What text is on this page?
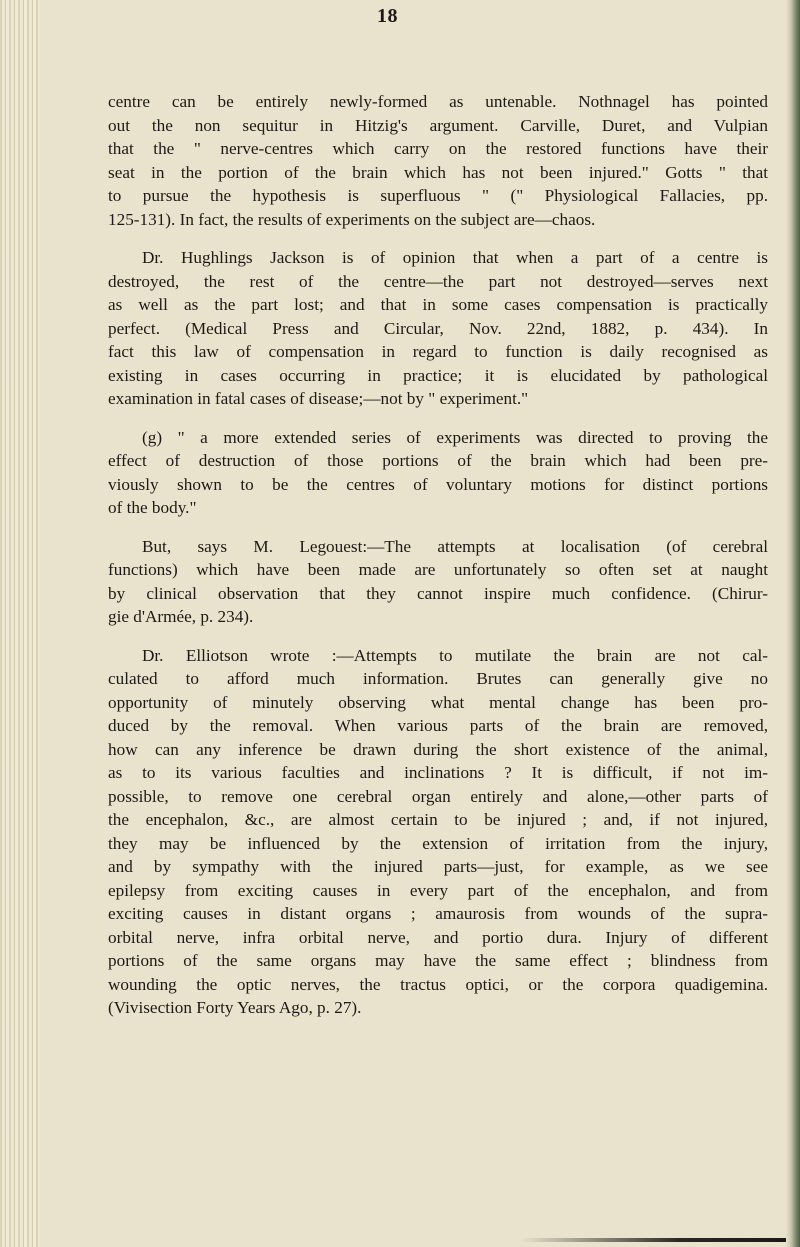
18
centre can be entirely newly-formed as untenable. Nothnagel has pointed
out the non sequitur in Hitzig's argument. Carville, Duret, and Vulpian
that the " nerve-centres which carry on the restored functions have their
seat in the portion of the brain which has not been injured." Gotts " that
to pursue the hypothesis is superfluous " (" Physiological Fallacies, pp.
125-131). In fact, the results of experiments on the subject are—chaos.
Dr. Hughlings Jackson is of opinion that when a part of a centre is
destroyed, the rest of the centre—the part not destroyed—serves next
as well as the part lost; and that in some cases compensation is practically
perfect. (Medical Press and Circular, Nov. 22nd, 1882, p. 434). In
fact this law of compensation in regard to function is daily recognised as
existing in cases occurring in practice; it is elucidated by pathological
examination in fatal cases of disease;—not by " experiment."
(g) " a more extended series of experiments was directed to proving the
effect of destruction of those portions of the brain which had been pre-
viously shown to be the centres of voluntary motions for distinct portions
of the body."
But, says M. Legouest:—The attempts at localisation (of cerebral
functions) which have been made are unfortunately so often set at naught
by clinical observation that they cannot inspire much confidence. (Chirur-
gie d'Armée, p. 234).
Dr. Elliotson wrote :—Attempts to mutilate the brain are not cal-
culated to afford much information. Brutes can generally give no
opportunity of minutely observing what mental change has been pro-
duced by the removal. When various parts of the brain are removed,
how can any inference be drawn during the short existence of the animal,
as to its various faculties and inclinations ? It is difficult, if not im-
possible, to remove one cerebral organ entirely and alone,—other parts of
the encephalon, &c., are almost certain to be injured ; and, if not injured,
they may be influenced by the extension of irritation from the injury,
and by sympathy with the injured parts—just, for example, as we see
epilepsy from exciting causes in every part of the encephalon, and from
exciting causes in distant organs ; amaurosis from wounds of the supra-
orbital nerve, infra orbital nerve, and portio dura. Injury of different
portions of the same organs may have the same effect ; blindness from
wounding the optic nerves, the tractus optici, or the corpora quadigemina.
(Vivisection Forty Years Ago, p. 27).
